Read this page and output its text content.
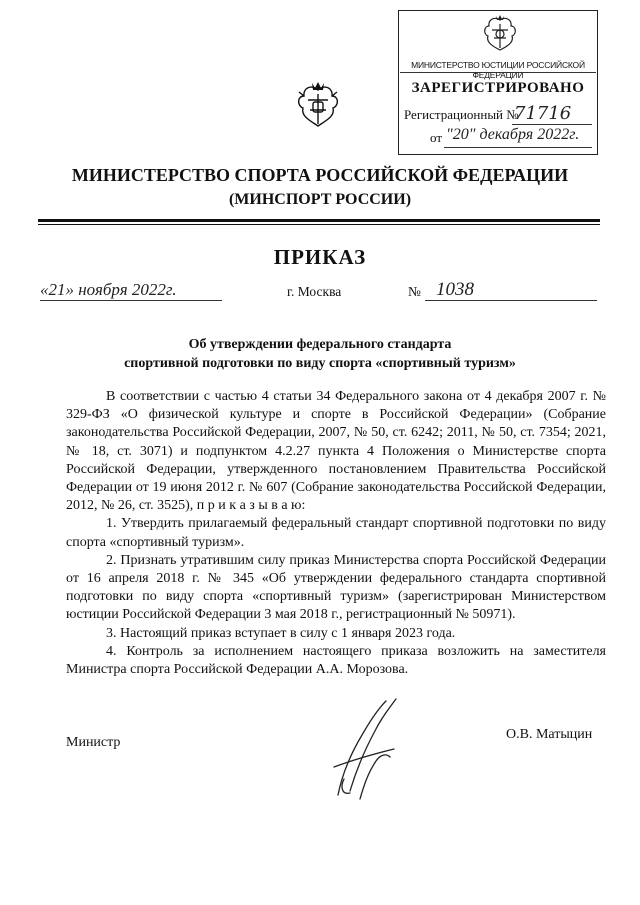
МИНИСТЕРСТВО ЮСТИЦИИ РОССИЙСКОЙ ФЕДЕРАЦИИ
ЗАРЕГИСТРИРОВАНО
Регистрационный №
71716
от "20" декабря 2022г.
МИНИСТЕРСТВО СПОРТА РОССИЙСКОЙ ФЕДЕРАЦИИ
(МИНСПОРТ РОССИИ)
ПРИКАЗ
«21» ноября 2022г.	г. Москва	№ 1038
Об утверждении федерального стандарта
спортивной подготовки по виду спорта «спортивный туризм»

В соответствии с частью 4 статьи 34 Федерального закона от 4 декабря 2007 г. № 329-ФЗ «О физической культуре и спорте в Российской Федерации» (Собрание законодательства Российской Федерации, 2007, № 50, ст. 6242; 2011, № 50, ст. 7354; 2021, № 18, ст. 3071) и подпунктом 4.2.27 пункта 4 Положения о Министерстве спорта Российской Федерации, утвержденного постановлением Правительства Российской Федерации от 19 июня 2012 г. № 607 (Собрание законодательства Российской Федерации, 2012, № 26, ст. 3525), п р и к а з ы в а ю:

1. Утвердить прилагаемый федеральный стандарт спортивной подготовки по виду спорта «спортивный туризм».

2. Признать утратившим силу приказ Министерства спорта Российской Федерации от 16 апреля 2018 г. № 345 «Об утверждении федерального стандарта спортивной подготовки по виду спорта «спортивный туризм» (зарегистрирован Министерством юстиции Российской Федерации 3 мая 2018 г., регистрационный № 50971).

3. Настоящий приказ вступает в силу с 1 января 2023 года.

4. Контроль за исполнением настоящего приказа возложить на заместителя Министра спорта Российской Федерации А.А. Морозова.

Министр
О.В. Матыцин
